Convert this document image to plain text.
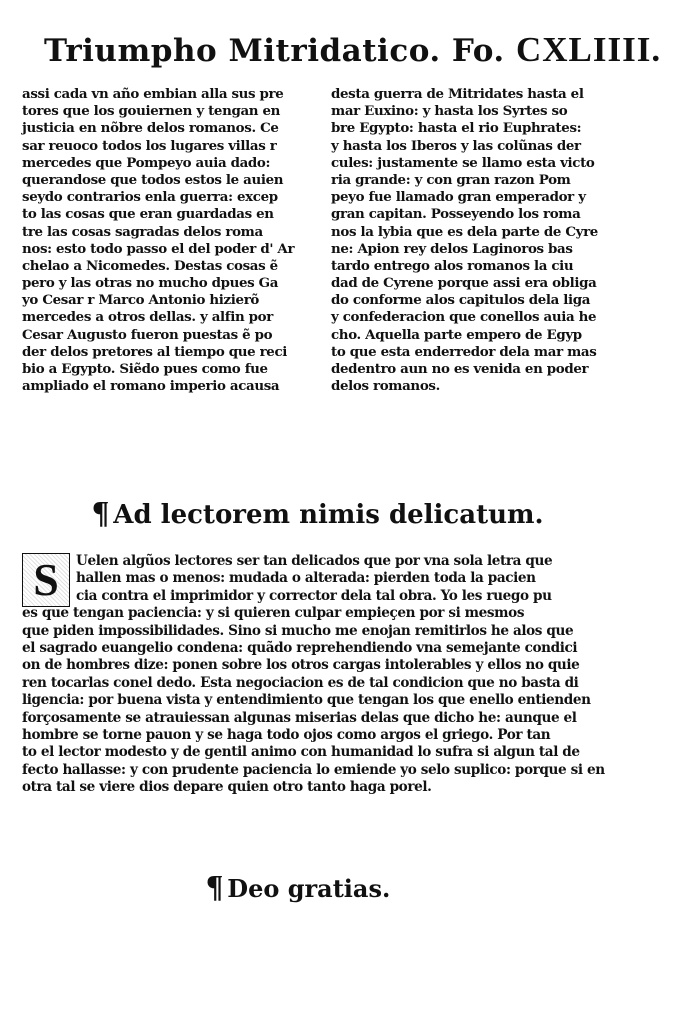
Triumpho Mitridatico. Fo. CXLIIII.
assi cada vn año embian alla sus pre
tores que los gouiernen y tengan en
justicia en nõbre delos romanos. Ce
sar reuoco todos los lugares villas r
mercedes que Pompeyo auia dado:
querandose que todos estos le auien
seydo contrarios enla guerra: excep
to las cosas que eran guardadas en
tre las cosas sagradas delos roma
nos: esto todo passo el del poder d' Ar
chelao a Nicomedes. Destas cosas ẽ
pero y las otras no mucho dpues Ga
yo Cesar r Marco Antonio hizierõ
mercedes a otros dellas. y alfin por
Cesar Augusto fueron puestas ẽ po
der delos pretores al tiempo que reci
bio a Egypto. Siẽdo pues como fue
ampliado el romano imperio acausa
desta guerra de Mitridates hasta el
mar Euxino: y hasta los Syrtes so
bre Egypto: hasta el rio Euphrates:
y hasta los Iberos y las colũnas der
cules: justamente se llamo esta victo
ria grande: y con gran razon Pom
peyo fue llamado gran emperador y
gran capitan. Posseyendo los roma
nos la lybia que es dela parte de Cyre
ne: Apion rey delos Laginoros bas
tardo entrego alos romanos la ciu
dad de Cyrene porque assi era obliga
do conforme alos capitulos dela liga
y confederacion que conellos auia he
cho. Aquella parte empero de Egyp
to que esta enderredor dela mar mas
dedentro aun no es venida en poder
delos romanos.
¶ Ad lectorem nimis delicatum.
S	Uelen algũos lectores ser tan delicados que por vna sola letra que
hallen mas o menos: mudada o alterada: pierden toda la pacien
cia contra el imprimidor y corrector dela tal obra. Yo les ruego pu
es que tengan paciencia: y si quieren culpar empieçen por si mesmos
que piden impossibilidades. Sino si mucho me enojan remitirlos he alos que
el sagrado euangelio condena: quãdo reprehendiendo vna semejante condici
on de hombres dize: ponen sobre los otros cargas intolerables y ellos no quie
ren tocarlas conel dedo. Esta negociacion es de tal condicion que no basta di
ligencia: por buena vista y entendimiento que tengan los que enello entienden
forçosamente se atrauiessan algunas miserias delas que dicho he: aunque el
hombre se torne pauon y se haga todo ojos como argos el griego. Por tan
to el lector modesto y de gentil animo con humanidad lo sufra si algun tal de
fecto hallasse: y con prudente paciencia lo emiende yo selo suplico: porque si en
otra tal se viere dios depare quien otro tanto haga porel.
¶ Deo gratias.
